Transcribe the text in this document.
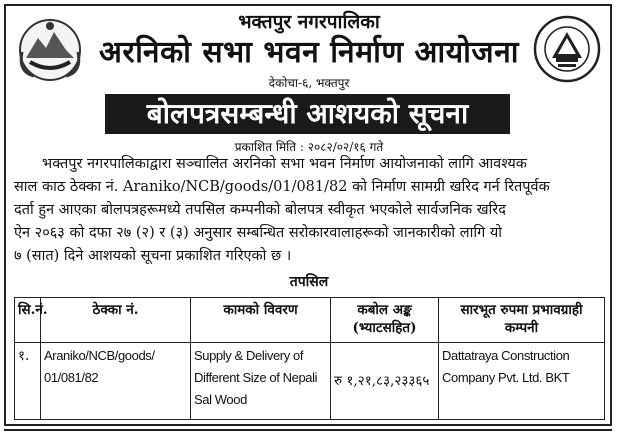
भक्तपुर नगरपालिका
अरनिको सभा भवन निर्माण आयोजना
देकोचा-६, भक्तपुर
बोलपत्रसम्बन्धी आशयको सूचना
प्रकाशित मिति : २०८२/०२/१६ गते
भक्तपुर नगरपालिकाद्वारा सञ्चालित अरनिको सभा भवन निर्माण आयोजनाको लागि आवश्यक
साल काठ ठेक्का नं. Araniko/NCB/goods/01/081/82 को निर्माण सामग्री खरिद गर्न रितपूर्वक
दर्ता हुन आएका बोलपत्रहरूमध्ये तपसिल कम्पनीको बोलपत्र स्वीकृत भएकोले सार्वजनिक खरिद
ऐन २०६३ को दफा २७ (२) र (३) अनुसार सम्बन्धित सरोकारवालाहरूको जानकारीको लागि यो
७ (सात) दिने आशयको सूचना प्रकाशित गरिएको छ ।
तपसिल
सि.नं.	ठेक्का नं.	कामको विवरण	कबोल अङ्क (भ्याटसहित)	सारभूत रुपमा प्रभावग्राही कम्पनी
१.	Araniko/NCB/goods/ 01/081/82	Supply & Delivery of Different Size of Nepali Sal Wood	रु १,२१,८३,२३३६५	Dattatraya Construction Company Pvt. Ltd. BKT
